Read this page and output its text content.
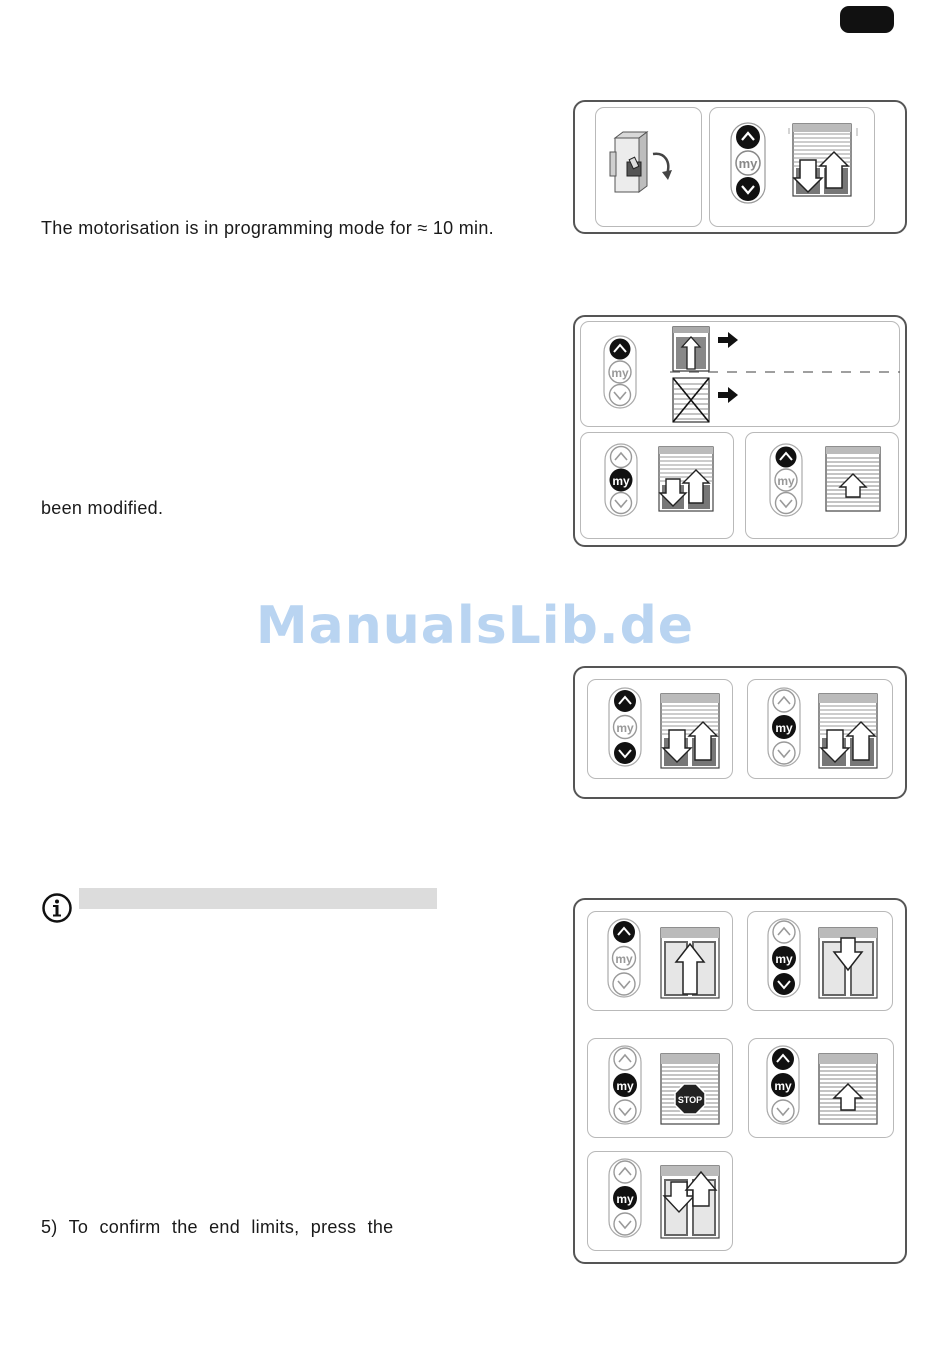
The motorisation is in programming mode for ≈ 10 min.
been modified.
5) To confirm the end limits, press the
ManualsLib.de
my
my
my	my
my	my
my	my
my
STOP
my
my
